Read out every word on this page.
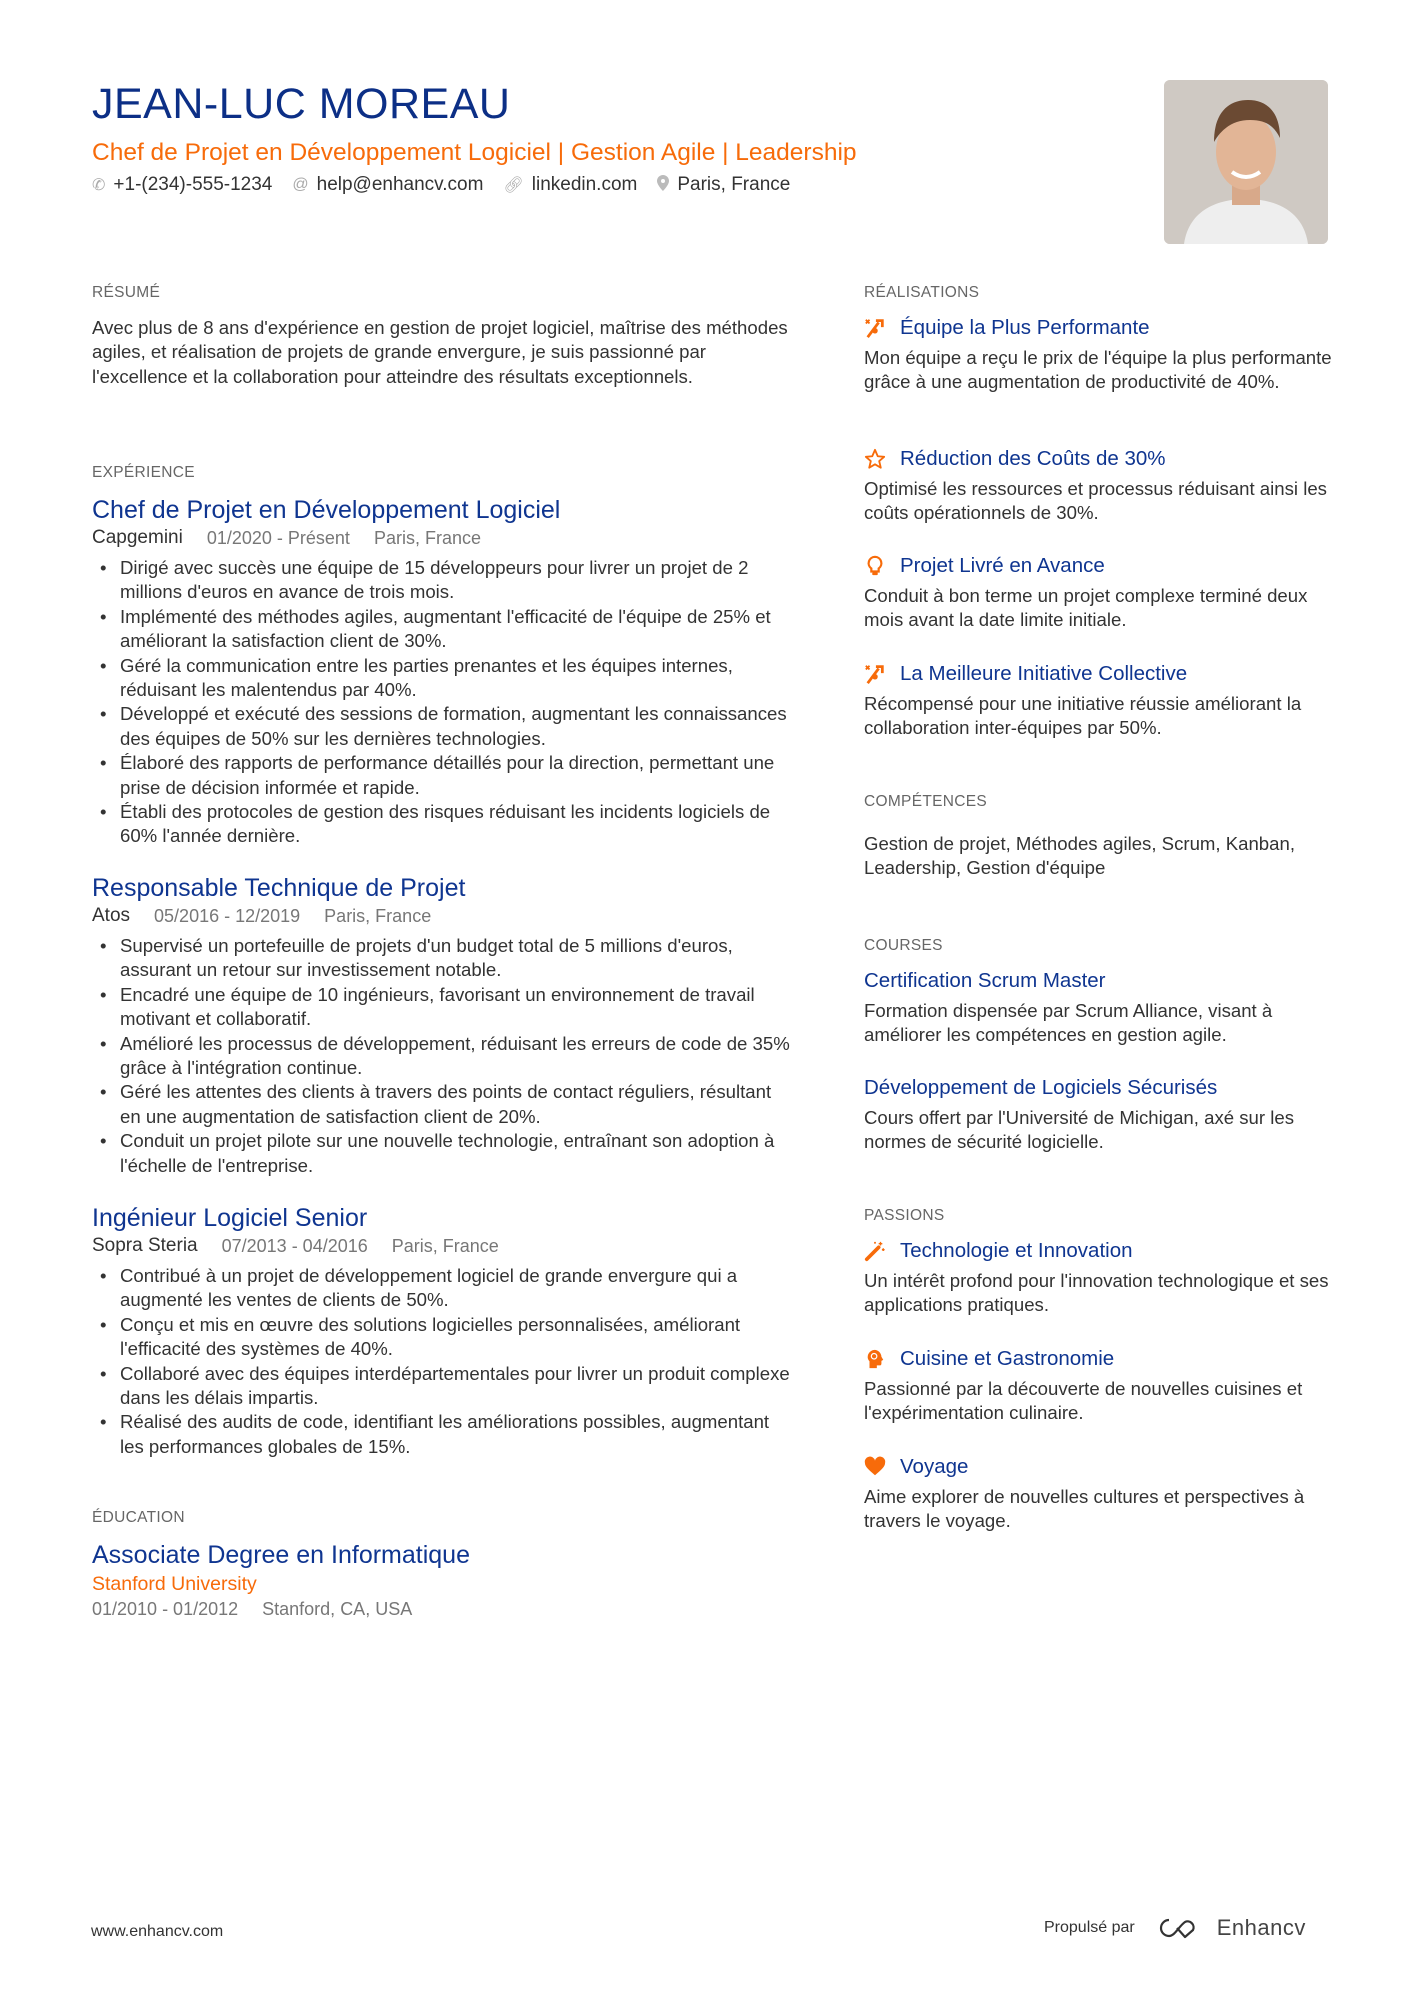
JEAN-LUC MOREAU
Chef de Projet en Développement Logiciel | Gestion Agile | Leadership
✆ +1-(234)-555-1234 @ help@enhancv.com 🔗︎ linkedin.com Paris, France
RÉSUMÉ
Avec plus de 8 ans d'expérience en gestion de projet logiciel, maîtrise des méthodes agiles, et réalisation de projets de grande envergure, je suis passionné par l'excellence et la collaboration pour atteindre des résultats exceptionnels.
EXPÉRIENCE
Chef de Projet en Développement Logiciel
Capgemini 01/2020 - Présent Paris, France
• Dirigé avec succès une équipe de 15 développeurs pour livrer un projet de 2 millions d'euros en avance de trois mois.
• Implémenté des méthodes agiles, augmentant l'efficacité de l'équipe de 25% et améliorant la satisfaction client de 30%.
• Géré la communication entre les parties prenantes et les équipes internes, réduisant les malentendus par 40%.
• Développé et exécuté des sessions de formation, augmentant les connaissances des équipes de 50% sur les dernières technologies.
• Élaboré des rapports de performance détaillés pour la direction, permettant une prise de décision informée et rapide.
• Établi des protocoles de gestion des risques réduisant les incidents logiciels de 60% l'année dernière.
Responsable Technique de Projet
Atos 05/2016 - 12/2019 Paris, France
• Supervisé un portefeuille de projets d'un budget total de 5 millions d'euros, assurant un retour sur investissement notable.
• Encadré une équipe de 10 ingénieurs, favorisant un environnement de travail motivant et collaboratif.
• Amélioré les processus de développement, réduisant les erreurs de code de 35% grâce à l'intégration continue.
• Géré les attentes des clients à travers des points de contact réguliers, résultant en une augmentation de satisfaction client de 20%.
• Conduit un projet pilote sur une nouvelle technologie, entraînant son adoption à l'échelle de l'entreprise.
Ingénieur Logiciel Senior
Sopra Steria 07/2013 - 04/2016 Paris, France
• Contribué à un projet de développement logiciel de grande envergure qui a augmenté les ventes de clients de 50%.
• Conçu et mis en œuvre des solutions logicielles personnalisées, améliorant l'efficacité des systèmes de 40%.
• Collaboré avec des équipes interdépartementales pour livrer un produit complexe dans les délais impartis.
• Réalisé des audits de code, identifiant les améliorations possibles, augmentant les performances globales de 15%.
ÉDUCATION
Associate Degree en Informatique
Stanford University
01/2010 - 01/2012 Stanford, CA, USA
RÉALISATIONS
Équipe la Plus Performante
Mon équipe a reçu le prix de l'équipe la plus performante grâce à une augmentation de productivité de 40%.
Réduction des Coûts de 30%
Optimisé les ressources et processus réduisant ainsi les coûts opérationnels de 30%.
Projet Livré en Avance
Conduit à bon terme un projet complexe terminé deux mois avant la date limite initiale.
La Meilleure Initiative Collective
Récompensé pour une initiative réussie améliorant la collaboration inter-équipes par 50%.
COMPÉTENCES
Gestion de projet, Méthodes agiles, Scrum, Kanban, Leadership, Gestion d'équipe
COURSES
Certification Scrum Master
Formation dispensée par Scrum Alliance, visant à améliorer les compétences en gestion agile.
Développement de Logiciels Sécurisés
Cours offert par l'Université de Michigan, axé sur les normes de sécurité logicielle.
PASSIONS
Technologie et Innovation
Un intérêt profond pour l'innovation technologique et ses applications pratiques.
Cuisine et Gastronomie
Passionné par la découverte de nouvelles cuisines et l'expérimentation culinaire.
Voyage
Aime explorer de nouvelles cultures et perspectives à travers le voyage.
www.enhancv.com	Propulsé par	Enhancv
